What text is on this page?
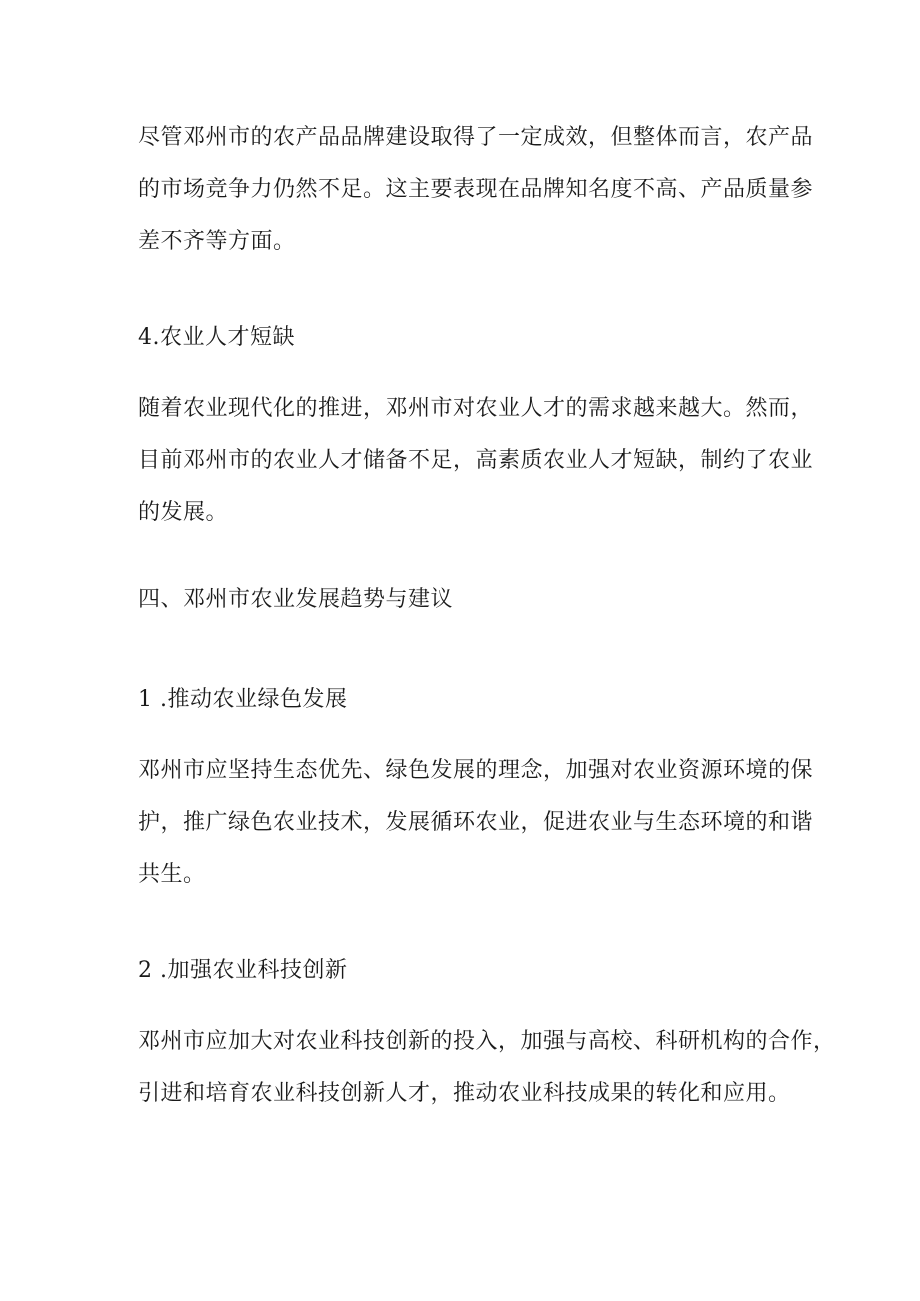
尽管邓州市的农产品品牌建设取得了一定成效，但整体而言，农产品
的市场竞争力仍然不足。这主要表现在品牌知名度不高、产品质量参
差不齐等方面。

4.农业人才短缺

随着农业现代化的推进，邓州市对农业人才的需求越来越大。然而，
目前邓州市的农业人才储备不足，高素质农业人才短缺，制约了农业
的发展。

四、邓州市农业发展趋势与建议

1 .推动农业绿色发展

邓州市应坚持生态优先、绿色发展的理念，加强对农业资源环境的保
护，推广绿色农业技术，发展循环农业，促进农业与生态环境的和谐
共生。

2 .加强农业科技创新

邓州市应加大对农业科技创新的投入，加强与高校、科研机构的合作，
引进和培育农业科技创新人才，推动农业科技成果的转化和应用。
